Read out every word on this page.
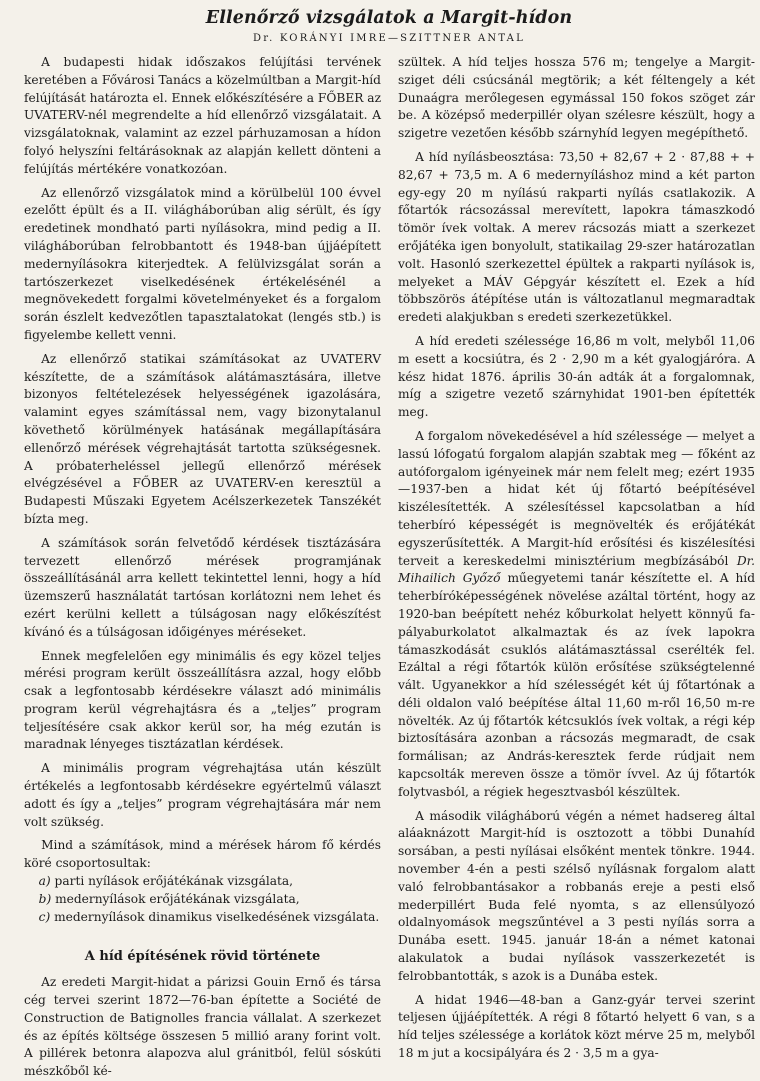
Ellenőrző vizsgálatok a Margit-hídon
Dr. KORÁNYI IMRE—SZITTNER ANTAL

A budapesti hidak időszakos felújítási tervének keretében a Fővárosi Tanács a közelmúltban a Margit-híd felújítását határozta el. Ennek előkészítésére a FŐBER az UVATERV-nél megrendelte a híd ellenőrző vizsgálatait. A vizsgálatoknak, valamint az ezzel párhuzamosan a hídon folyó helyszíni feltárásoknak az alapján kellett dönteni a felújítás mértékére vonatkozóan.

Az ellenőrző vizsgálatok mind a körülbelül 100 évvel ezelőtt épült és a II. világháborúban alig sérült, és így eredetinek mondható parti nyílásokra, mind pedig a II. világháborúban felrobbantott és 1948-ban újjáépített medernyílásokra kiterjedtek. A felülvizsgálat során a tartószerkezet viselkedésének értékelésénél a megnövekedett forgalmi követelményeket és a forgalom során észlelt kedvezőtlen tapasztalatokat (lengés stb.) is figyelembe kellett venni.

Az ellenőrző statikai számításokat az UVATERV készítette, de a számítások alátámasztására, illetve bizonyos feltételezések helyességének igazolására, valamint egyes számítással nem, vagy bizonytalanul követhető körülmények hatásának megállapítására ellenőrző mérések végrehajtását tartotta szükségesnek. A próbaterheléssel jellegű ellenőrző mérések elvégzésével a FŐBER az UVATERV-en keresztül a Budapesti Műszaki Egyetem Acélszerkezetek Tanszékét bízta meg.

A számítások során felvetődő kérdések tisztázására tervezett ellenőrző mérések programjának összeállításánál arra kellett tekintettel lenni, hogy a híd üzemszerű használatát tartósan korlátozni nem lehet és ezért kerülni kellett a túlságosan nagy előkészítést kívánó és a túlságosan időigényes méréseket.

Ennek megfelelően egy minimális és egy közel teljes mérési program került összeállításra azzal, hogy előbb csak a legfontosabb kérdésekre választ adó minimális program kerül végrehajtásra és a „teljes” program teljesítésére csak akkor kerül sor, ha még ezután is maradnak lényeges tisztázatlan kérdések.

A minimális program végrehajtása után készült értékelés a legfontosabb kérdésekre egyértelmű választ adott és így a „teljes” program végrehajtására már nem volt szükség.

Mind a számítások, mind a mérések három fő kérdés köré csoportosultak:

a) parti nyílások erőjátékának vizsgálata,
b) medernyílások erőjátékának vizsgálata,
c) medernyílások dinamikus viselkedésének vizsgálata.
A híd építésének rövid története

Az eredeti Margit-hidat a párizsi Gouin Ernő és társa cég tervei szerint 1872—76-ban építette a Société de Construction de Batignolles francia vállalat. A szerkezet és az építés költsége összesen 5 millió arany forint volt. A pillérek betonra alapozva alul gránitból, felül sóskúti mészkőből ké-

szültek. A híd teljes hossza 576 m; tengelye a Margit-sziget déli csúcsánál megtörik; a két féltengely a két Dunaágra merőlegesen egymással 150 fokos szöget zár be. A középső mederpillér olyan szélesre készült, hogy a szigetre vezetően később szárnyhíd legyen megépíthető.

A híd nyílásbeosztása: 73,50 + 82,67 + 2 · 87,88 + + 82,67 + 73,5 m. A 6 medernyíláshoz mind a két parton egy-egy 20 m nyílású rakparti nyílás csatlakozik. A főtartók rácsozással merevített, lapokra támaszkodó tömör ívek voltak. A merev rácsozás miatt a szerkezet erőjátéka igen bonyolult, statikailag 29-szer határozatlan volt. Hasonló szerkezettel épültek a rakparti nyílások is, melyeket a MÁV Gépgyár készített el. Ezek a híd többszörös átépítése után is változatlanul megmaradtak eredeti alakjukban s eredeti szerkezetükkel.

A híd eredeti szélessége 16,86 m volt, melyből 11,06 m esett a kocsiútra, és 2 · 2,90 m a két gyalogjáróra. A kész hidat 1876. április 30-án adták át a forgalomnak, míg a szigetre vezető szárnyhidat 1901-ben építették meg.

A forgalom növekedésével a híd szélessége — melyet a lassú lófogatú forgalom alapján szabtak meg — főként az autóforgalom igényeinek már nem felelt meg; ezért 1935—1937-ben a hidat két új főtartó beépítésével kiszélesítették. A szélesítéssel kapcsolatban a híd teherbíró képességét is megnövelték és erőjátékát egyszerűsítették. A Margit-híd erősítési és kiszélesítési terveit a kereskedelmi minisztérium megbízásából Dr. Mihailich Győző műegyetemi tanár készítette el. A híd teherbíróképességének növelése azáltal történt, hogy az 1920-ban beépített nehéz kőburkolat helyett könnyű fa-pályaburkolatot alkalmaztak és az ívek lapokra támaszkodását csuklós alátámasztással cserélték fel. Ezáltal a régi főtartók külön erősítése szükségtelenné vált. Ugyanekkor a híd szélességét két új főtartónak a déli oldalon való beépítése által 11,60 m-ről 16,50 m-re növelték. Az új főtartók kétcsuklós ívek voltak, a régi kép biztosítására azonban a rácsozás megmaradt, de csak formálisan; az András-keresztek ferde rúdjait nem kapcsolták mereven össze a tömör ívvel. Az új főtartók folytvasból, a régiek hegesztvasból készültek.

A második világháború végén a német hadsereg által aláaknázott Margit-híd is osztozott a többi Dunahíd sorsában, a pesti nyílásai elsőként mentek tönkre. 1944. november 4-én a pesti szélső nyílásnak forgalom alatt való felrobbantásakor a robbanás ereje a pesti első mederpillért Buda felé nyomta, s az ellensúlyozó oldalnyomások megszűntével a 3 pesti nyílás sorra a Dunába esett. 1945. január 18-án a német katonai alakulatok a budai nyílások vasszerkezetét is felrobbantották, s azok is a Dunába estek.

A hidat 1946—48-ban a Ganz-gyár tervei szerint teljesen újjáépítették. A régi 8 főtartó helyett 6 van, s a híd teljes szélessége a korlátok közt mérve 25 m, melyből 18 m jut a kocsipályára és 2 · 3,5 m a gya-
